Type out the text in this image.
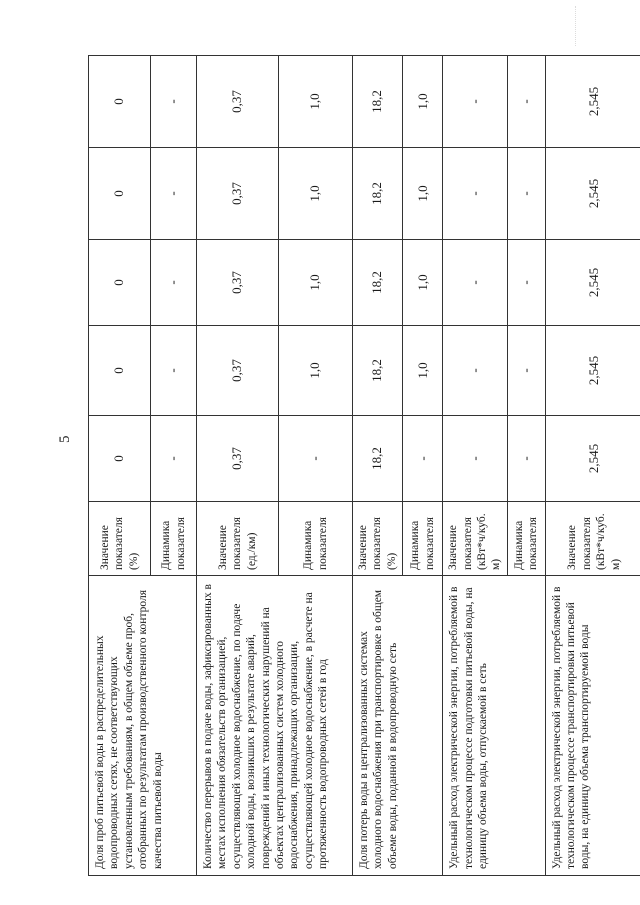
5
Доля проб питьевой воды в распределительных водопроводных сетях, не соответствующих установленным требованиям, в общем объеме проб, отобранных по результатам производственного контроля качества питьевой воды	Значение показателя (%)	0	0	0	0	0
	Динамика показателя	-	-	-	-	-
Количество перерывов в подаче воды, зафиксированных в местах исполнения обязательств организацией, осуществляющей холодное водоснабжение, по подаче холодной воды, возникших в результате аварий, повреждений и иных технологических нарушений на объектах централизованных систем холодного водоснабжения, принадлежащих организации, осуществляющей холодное водоснабжение, в расчете на протяженность водопроводных сетей в год	Значение показателя (ед./км)	0,37	0,37	0,37	0,37	0,37
	Динамика показателя	-	1,0	1,0	1,0	1,0
Доля потерь воды в централизованных системах холодного водоснабжения при транспортировке в общем объеме воды, поданной в водопроводную сеть	Значение показателя (%)	18,2	18,2	18,2	18,2	18,2
	Динамика показателя	-	1,0	1,0	1,0	1,0
Удельный расход электрической энергии, потребляемой в технологическом процессе подготовки питьевой воды, на единицу объема воды, отпускаемой в сеть	Значение показателя (кВт*ч/куб. м)	-	-	-	-	-
	Динамика показателя	-	-	-	-	-
Удельный расход электрической энергии, потребляемой в технологическом процессе транспортировки питьевой воды, на единицу объема транспортируемой воды	Значение показателя (кВт*ч/куб. м)	2,545	2,545	2,545	2,545	2,545
